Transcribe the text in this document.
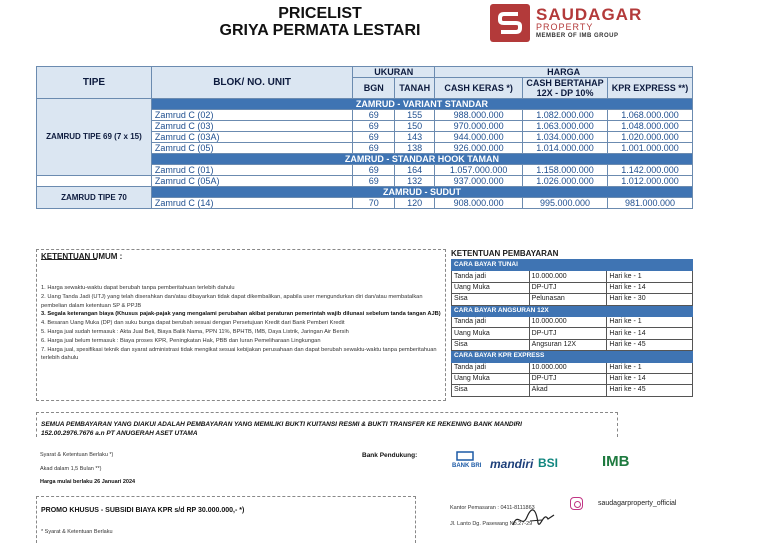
PRICELIST
GRIYA PERMATA LESTARI
SAUDAGAR
PROPERTY
MEMBER OF IMB GROUP
TIPE	BLOK/ NO. UNIT	UKURAN		HARGA		
		BGN	TANAH	CASH KERAS *)	CASH BERTAHAP 12X - DP 10%	KPR EXPRESS **)

ZAMRUD TIPE 69 (7 x 15)	ZAMRUD - VARIANT STANDAR					
	Zamrud C (02)	69	155	988.000.000	1.082.000.000	1.068.000.000
	Zamrud C (03)	69	150	970.000.000	1.063.000.000	1.048.000.000
	Zamrud C (03A)	69	143	944.000.000	1.034.000.000	1.020.000.000
	Zamrud C (05)	69	138	926.000.000	1.014.000.000	1.001.000.000
	ZAMRUD - STANDAR HOOK TAMAN					
	Zamrud C (01)	69	164	1.057.000.000	1.158.000.000	1.142.000.000
	Zamrud C (05A)	69	132	937.000.000	1.026.000.000	1.012.000.000
ZAMRUD TIPE 70	ZAMRUD - SUDUT					
	Zamrud C (14)	70	120	908.000.000	995.000.000	981.000.000
KETENTUAN UMUM :
1. Harga sewaktu-waktu dapat berubah tanpa pemberitahuan terlebih dahulu
2. Uang Tanda Jadi (UTJ) yang telah diserahkan dan/atau dibayarkan tidak dapat dikembalikan, apabila user mengundurkan diri dan/atau membatalkan pembelian dalam ketentuan SP & PPJB
3. Segala keterangan biaya (Khusus pajak-pajak yang mengalami perubahan akibat peraturan pemerintah wajib dilunasi sebelum tanda tangan AJB)
4. Besaran Uang Muka (DP) dan suku bunga dapat berubah sesuai dengan Persetujuan Kredit dari Bank Pemberi Kredit
5. Harga jual sudah termasuk : Akta Jual Beli, Biaya Balik Nama, PPN 11%, BPHTB, IMB, Daya Listrik, Jaringan Air Bersih
6. Harga jual belum termasuk : Biaya proses KPR, Peningkatan Hak, PBB dan Iuran Pemeliharaan Lingkungan
7. Harga jual, spesifikasi teknik dan syarat administrasi tidak mengikat sesuai kebijakan perusahaan dan dapat berubah sewaktu-waktu tanpa pemberitahuan terlebih dahulu
KETENTUAN PEMBAYARAN
CARA BAYAR TUNAI		
Tanda jadi	10.000.000	Hari ke - 1
Uang Muka	DP-UTJ	Hari ke - 14
Sisa	Pelunasan	Hari ke - 30
CARA BAYAR ANGSURAN 12X		
Tanda jadi	10.000.000	Hari ke - 1
Uang Muka	DP-UTJ	Hari ke - 14
Sisa	Angsuran 12X	Hari ke - 45
CARA BAYAR KPR EXPRESS		
Tanda jadi	10.000.000	Hari ke - 1
Uang Muka	DP-UTJ	Hari ke - 14
Sisa	Akad	Hari ke - 45
SEMUA PEMBAYARAN YANG DIAKUI ADALAH PEMBAYARAN YANG MEMILIKI BUKTI KUITANSI RESMI & BUKTI TRANSFER KE REKENING BANK MANDIRI
152.00.2976.7676 a.n PT ANUGERAH ASET UTAMA
Syarat & Ketentuan Berlaku *)
Akad dalam 1,5 Bulan **)
Harga mulai berlaku 26 Januari 2024
Bank Pendukung:
BANK BRI mandiri BSI	IMB
PROMO KHUSUS - SUBSIDI BIAYA KPR s/d RP 30.000.000,- *)
* Syarat & Ketentuan Berlaku
Kantor Pemasaran : 0411-8111863
Jl. Lanto Dg. Pasewang No.27-29
saudagarproperty_official
